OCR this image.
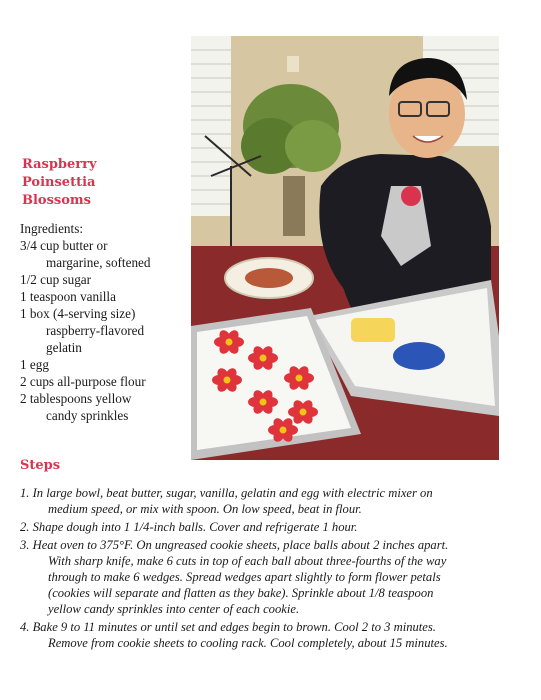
Raspberry
Poinsettia
Blossoms
Ingredients:
3/4 cup butter or
margarine, softened
1/2 cup sugar
1 teaspoon vanilla
1 box (4-serving size)
raspberry-flavored
gelatin
1 egg
2 cups all-purpose flour
2 tablespoons yellow
candy sprinkles
Steps
1. In large bowl, beat butter, sugar, vanilla, gelatin and egg with electric mixer on
medium speed, or mix with spoon. On low speed, beat in flour.
2. Shape dough into 1 1/4-inch balls. Cover and refrigerate 1 hour.
3. Heat oven to 375°F. On ungreased cookie sheets, place balls about 2 inches apart.
With sharp knife, make 6 cuts in top of each ball about three-fourths of the way
through to make 6 wedges. Spread wedges apart slightly to form flower petals
(cookies will separate and flatten as they bake). Sprinkle about 1/8 teaspoon
yellow candy sprinkles into center of each cookie.
4. Bake 9 to 11 minutes or until set and edges begin to brown. Cool 2 to 3 minutes.
Remove from cookie sheets to cooling rack. Cool completely, about 15 minutes.
